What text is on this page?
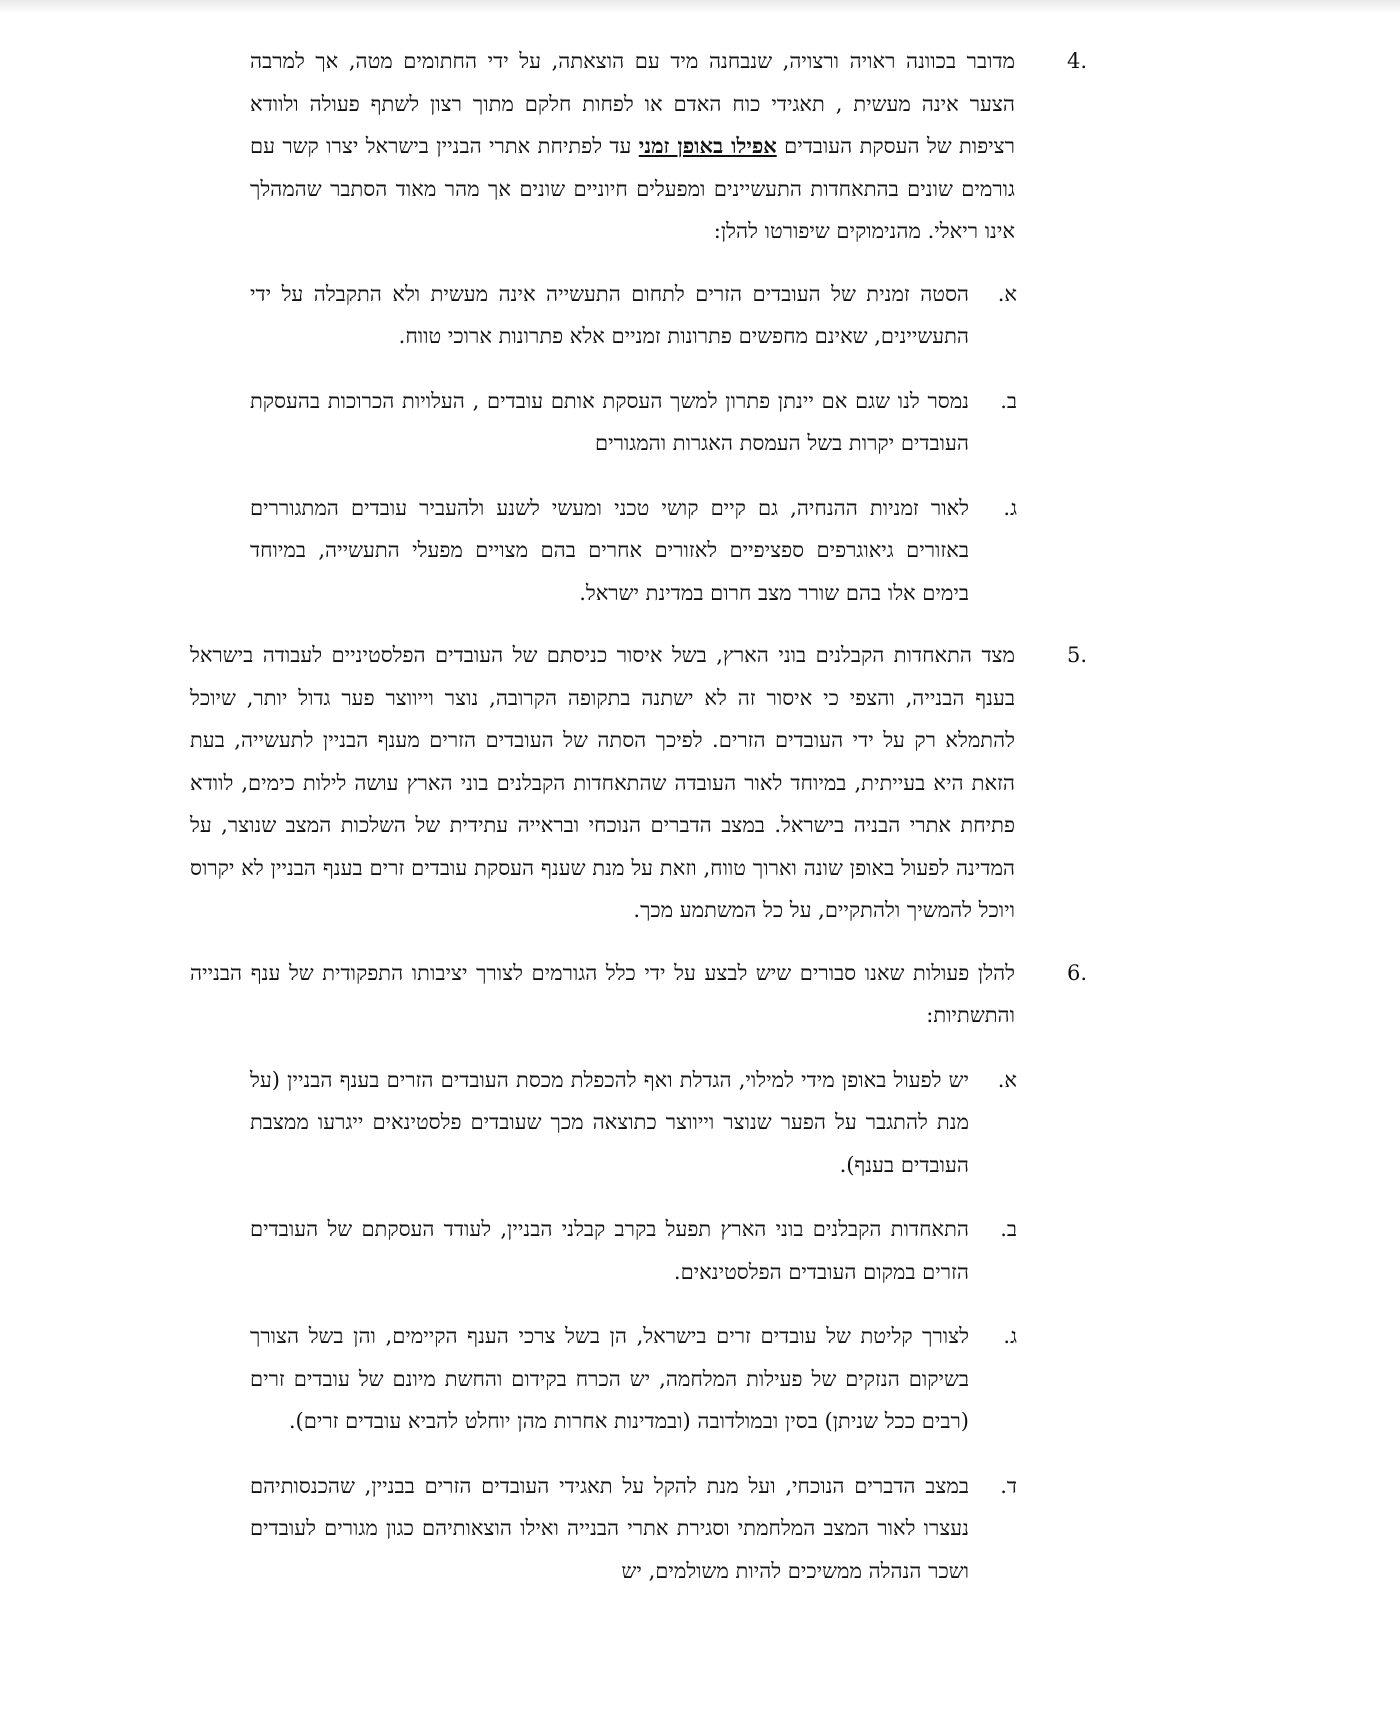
4.
מדובר בכוונה ראויה ורצויה, שנבחנה מיד עם הוצאתה, על ידי החתומים מטה, אך למרבה הצער אינה מעשית , תאגידי כוח האדם או לפחות חלקם מתוך רצון לשתף פעולה ולוודא רציפות של העסקת העובדים אפילו באופן זמני עד לפתיחת אתרי הבניין בישראל יצרו קשר עם גורמים שונים בהתאחדות התעשיינים ומפעלים חיוניים שונים אך מהר מאוד הסתבר שהמהלך אינו ריאלי. מהנימוקים שיפורטו להלן:
א.
הסטה זמנית של העובדים הזרים לתחום התעשייה אינה מעשית ולא התקבלה על ידי התעשיינים, שאינם מחפשים פתרונות זמניים אלא פתרונות ארוכי טווח.
ב.
נמסר לנו שגם אם יינתן פתרון למשך העסקת אותם עובדים , העלויות הכרוכות בהעסקת העובדים יקרות בשל העמסת האגרות והמגורים
ג.
לאור זמניות ההנחיה, גם קיים קושי טכני ומעשי לשנע ולהעביר עובדים המתגוררים באזורים גיאוגרפים ספציפיים לאזורים אחרים בהם מצויים מפעלי התעשייה, במיוחד בימים אלו בהם שורר מצב חרום במדינת ישראל.
5.
מצד התאחדות הקבלנים בוני הארץ, בשל איסור כניסתם של העובדים הפלסטיניים לעבודה בישראל בענף הבנייה, והצפי כי איסור זה לא ישתנה בתקופה הקרובה, נוצר וייווצר פער גדול יותר, שיוכל להתמלא רק על ידי העובדים הזרים. לפיכך הסתה של העובדים הזרים מענף הבניין לתעשייה, בעת הזאת היא בעייתית, במיוחד לאור העובדה שהתאחדות הקבלנים בוני הארץ עושה לילות כימים, לוודא פתיחת אתרי הבניה בישראל. במצב הדברים הנוכחי ובראייה עתידית של השלכות המצב שנוצר, על המדינה לפעול באופן שונה וארוך טווח, וזאת על מנת שענף העסקת עובדים זרים בענף הבניין לא יקרוס ויוכל להמשיך ולהתקיים, על כל המשתמע מכך.
6.
להלן פעולות שאנו סבורים שיש לבצע על ידי כלל הגורמים לצורך יציבותו התפקודית של ענף הבנייה והתשתיות:
א.
יש לפעול באופן מידי למילוי, הגדלת ואף להכפלת מכסת העובדים הזרים בענף הבניין (על מנת להתגבר על הפער שנוצר וייווצר כתוצאה מכך שעובדים פלסטינאים ייגרעו ממצבת העובדים בענף).
ב.
התאחדות הקבלנים בוני הארץ תפעל בקרב קבלני הבניין, לעודד העסקתם של העובדים הזרים במקום העובדים הפלסטינאים.
ג.
לצורך קליטת של עובדים זרים בישראל, הן בשל צרכי הענף הקיימים, והן בשל הצורך בשיקום הנזקים של פעילות המלחמה, יש הכרח בקידום והחשת מיונם של עובדים זרים (רבים ככל שניתן) בסין ובמולדובה (ובמדינות אחרות מהן יוחלט להביא עובדים זרים).
ד.
במצב הדברים הנוכחי, ועל מנת להקל על תאגידי העובדים הזרים בבניין, שהכנסותיהם נעצרו לאור המצב המלחמתי וסגירת אתרי הבנייה ואילו הוצאותיהם כגון מגורים לעובדים ושכר הנהלה ממשיכים להיות משולמים, יש
